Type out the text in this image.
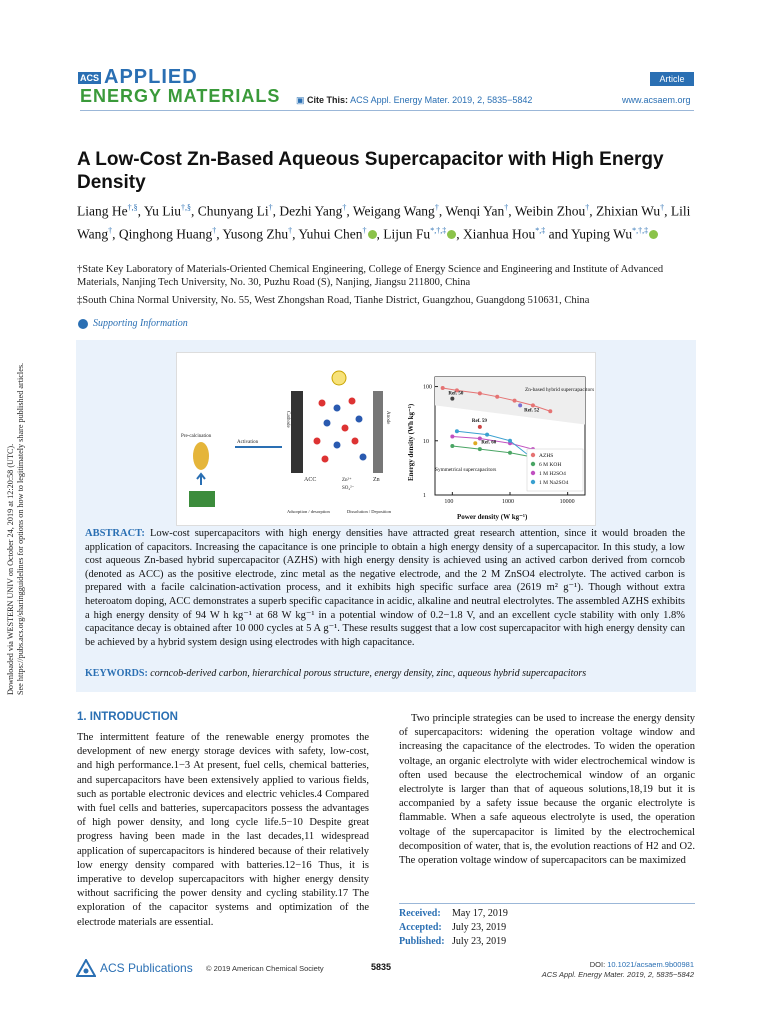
ACS APPLIED
ENERGY MATERIALS ▣ Cite This: ACS Appl. Energy Mater. 2019, 2, 5835−5842
Article
www.acsaem.org
Downloaded via WESTERN UNIV on October 24, 2019 at 12:20:58 (UTC). See https://pubs.acs.org/sharingguidelines for options on how to legitimately share published articles.
A Low-Cost Zn-Based Aqueous Supercapacitor with High Energy Density
Liang He†,§, Yu Liu†,§, Chunyang Li†, Dezhi Yang†, Weigang Wang†, Wenqi Yan†, Weibin Zhou†, Zhixian Wu†, Lili Wang†, Qinghong Huang†, Yusong Zhu†, Yuhui Chen† , Lijun Fu*,†,‡ , Xianhua Hou*,‡ and Yuping Wu*,†,‡
†State Key Laboratory of Materials-Oriented Chemical Engineering, College of Energy Science and Engineering and Institute of Advanced Materials, Nanjing Tech University, No. 30, Puzhu Road (S), Nanjing, Jiangsu 211800, China
‡South China Normal University, No. 55, West Zhongshan Road, Tianhe District, Guangzhou, Guangdong 510631, China
Supporting Information
Cathode	Anode
ACC	Zn
Zn²⁺
SO₄²⁻
Adsorption / desorption	Dissolution / Deposition
Pre-calcination
Activation
100	1000	10000
1
10
100
Ref. 50
Ref. 52
Ref. 59
Ref. 60
AZHS
6 M KOH
1 M H2SO4
1 M Na2SO4
Power density (W kg⁻¹)
Energy density (Wh kg⁻¹)
Zn-based hybrid supercapacitors
Symmetrical supercapacitors
ABSTRACT: Low-cost supercapacitors with high energy densities have attracted great research attention, since it would broaden the application of capacitors. Increasing the capacitance is one principle to obtain a high energy density of a supercapacitor. In this study, a low cost aqueous Zn-based hybrid supercapacitor (AZHS) with high energy density is achieved using an actived carbon derived from corncob (denoted as ACC) as the positive electrode, zinc metal as the negative electrode, and the 2 M ZnSO4 electrolyte. The actived carbon is prepared with a facile calcination-activation process, and it exhibits high specific surface area (2619 m² g⁻¹). Though without extra heteroatom doping, ACC demonstrates a superb specific capacitance in acidic, alkaline and neutral electrolytes. The assembled AZHS exhibits a high energy density of 94 W h kg⁻¹ at 68 W kg⁻¹ in a potential window of 0.2−1.8 V, and an excellent cycle stability with only 1.8% capacitance decay is obtained after 10 000 cycles at 5 A g⁻¹. These results suggest that a low cost supercapacitor with high energy density can be achieved by a hybrid system design using electrodes with high capacitance.
KEYWORDS: corncob-derived carbon, hierarchical porous structure, energy density, zinc, aqueous hybrid supercapacitors
1. INTRODUCTION
The intermittent feature of the renewable energy promotes the development of new energy storage devices with safety, low-cost, and high performance.1−3 At present, fuel cells, chemical batteries, and supercapacitors have been extensively applied to various fields, such as portable electronic devices and electric vehicles.4 Compared with fuel cells and batteries, supercapacitors possess the advantages of high power density, and long cycle life.5−10 Despite great progress having been made in the last decades,11 widespread application of supercapacitors is hindered because of their relatively low energy density compared with batteries.12−16 Thus, it is imperative to develop supercapacitors with higher energy density without sacrificing the power density and cycling stability.17 The exploration of the capacitor systems and optimization of the electrode materials are essential.
Two principle strategies can be used to increase the energy density of supercapacitors: widening the operation voltage window and increasing the capacitance of the electrodes. To widen the operation voltage, an organic electrolyte with wider electrochemical window is often used because the electrochemical window of an organic electrolyte is larger than that of aqueous solutions,18,19 but it is accompanied by a safety issue because the organic electrolyte is flammable. When a safe aqueous electrolyte is used, the operation voltage of the supercapacitor is limited by the electrochemical decomposition of water, that is, the evolution reactions of H2 and O2. The operation voltage window of supercapacitors can be maximized
Received: May 17, 2019
Accepted: July 23, 2019
Published: July 23, 2019
ACS Publications © 2019 American Chemical Society	5835	DOI: 10.1021/acsaem.9b00981
ACS Appl. Energy Mater. 2019, 2, 5835−5842
